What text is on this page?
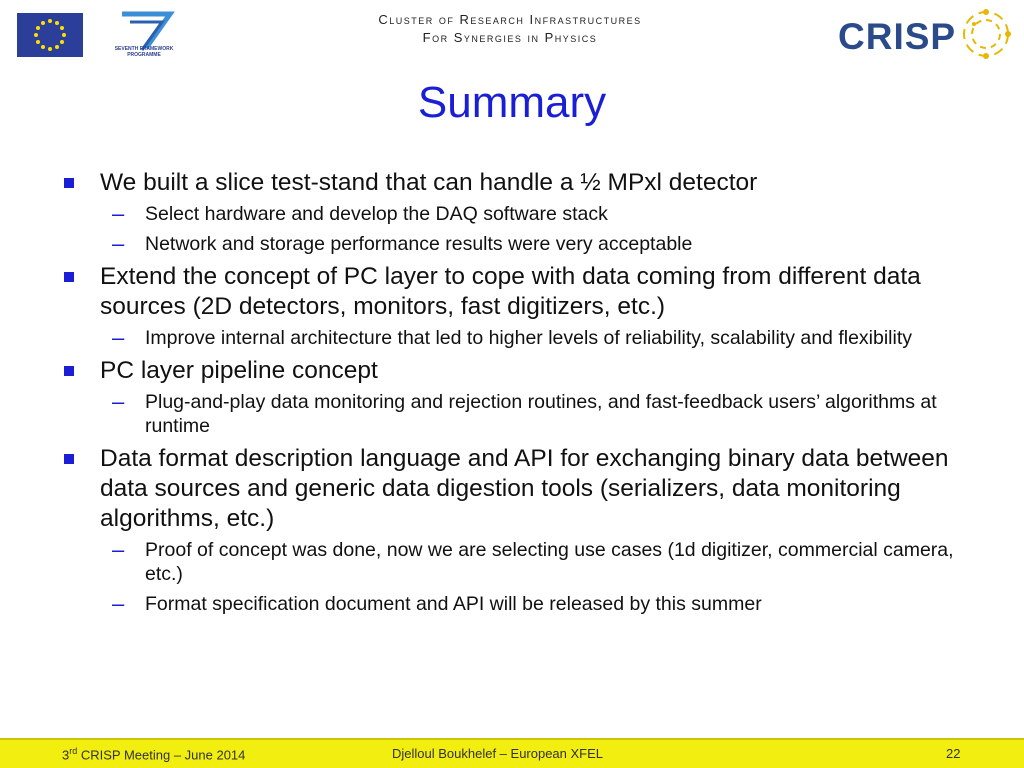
SEVENTH FRAMEWORK PROGRAMME
Cluster of Research Infrastructures
For Synergies in Physics	CRISP
Summary
We built a slice test-stand that can handle a ½ MPxl detector
– Select hardware and develop the DAQ software stack
– Network and storage performance results were very acceptable
Extend the concept of PC layer to cope with data coming from different data sources (2D detectors, monitors, fast digitizers, etc.)
– Improve internal architecture that led to higher levels of reliability, scalability and flexibility
PC layer pipeline concept
– Plug-and-play data monitoring and rejection routines, and fast-feedback users’ algorithms at runtime
Data format description language and API for exchanging binary data between data sources and generic data digestion tools (serializers, data monitoring algorithms, etc.)
– Proof of concept was done, now we are selecting use cases (1d digitizer, commercial camera, etc.)
– Format specification document and API will be released by this summer
3rd CRISP Meeting – June 2014	Djelloul Boukhelef – European XFEL	22
